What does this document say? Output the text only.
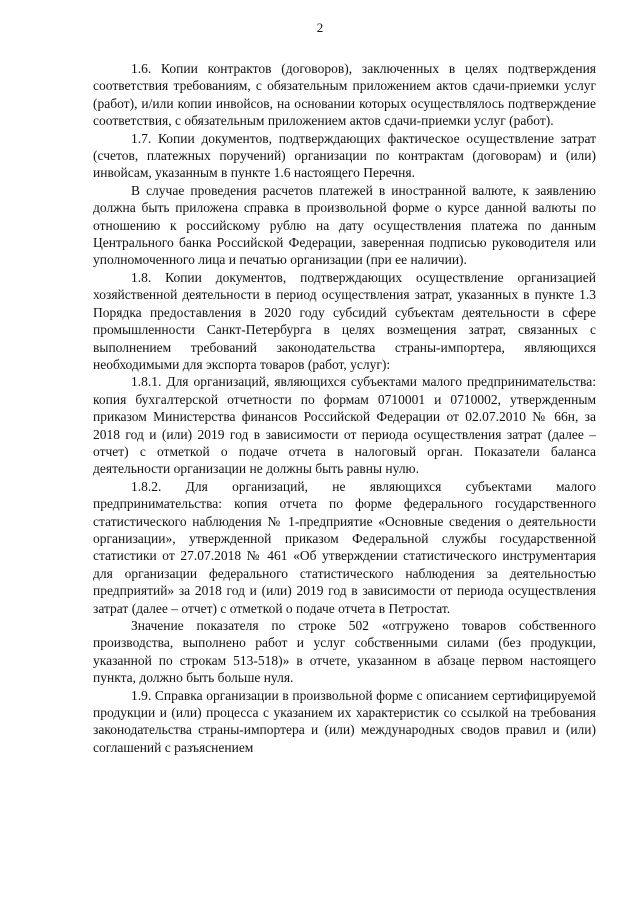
2

1.6. Копии контрактов (договоров), заключенных в целях подтверждения соответствия требованиям, с обязательным приложением актов сдачи-приемки услуг (работ), и/или копии инвойсов, на основании которых осуществлялось подтверждение соответствия, с обязательным приложением актов сдачи-приемки услуг (работ).

1.7. Копии документов, подтверждающих фактическое осуществление затрат (счетов, платежных поручений) организации по контрактам (договорам) и (или) инвойсам, указанным в пункте 1.6 настоящего Перечня.

В случае проведения расчетов платежей в иностранной валюте, к заявлению должна быть приложена справка в произвольной форме о курсе данной валюты по отношению к российскому рублю на дату осуществления платежа по данным Центрального банка Российской Федерации, заверенная подписью руководителя или уполномоченного лица и печатью организации (при ее наличии).

1.8. Копии документов, подтверждающих осуществление организацией хозяйственной деятельности в период осуществления затрат, указанных в пункте 1.3 Порядка предоставления в 2020 году субсидий субъектам деятельности в сфере промышленности Санкт-Петербурга в целях возмещения затрат, связанных с выполнением требований законодательства страны-импортера, являющихся необходимыми для экспорта товаров (работ, услуг):

1.8.1. Для организаций, являющихся субъектами малого предпринимательства: копия бухгалтерской отчетности по формам 0710001 и 0710002, утвержденным приказом Министерства финансов Российской Федерации от 02.07.2010 № 66н, за 2018 год и (или) 2019 год в зависимости от периода осуществления затрат (далее – отчет) с отметкой о подаче отчета в налоговый орган. Показатели баланса деятельности организации не должны быть равны нулю.

1.8.2. Для организаций, не являющихся субъектами малого предпринимательства: копия отчета по форме федерального государственного статистического наблюдения № 1-предприятие «Основные сведения о деятельности организации», утвержденной приказом Федеральной службы государственной статистики от 27.07.2018 № 461 «Об утверждении статистического инструментария для организации федерального статистического наблюдения за деятельностью предприятий» за 2018 год и (или) 2019 год в зависимости от периода осуществления затрат (далее – отчет) с отметкой о подаче отчета в Петростат.

Значение показателя по строке 502 «отгружено товаров собственного производства, выполнено работ и услуг собственными силами (без продукции, указанной по строкам 513-518)» в отчете, указанном в абзаце первом настоящего пункта, должно быть больше нуля.

1.9. Справка организации в произвольной форме с описанием сертифицируемой продукции и (или) процесса с указанием их характеристик со ссылкой на требования законодательства страны-импортера и (или) международных сводов правил и (или) соглашений с разъяснением
